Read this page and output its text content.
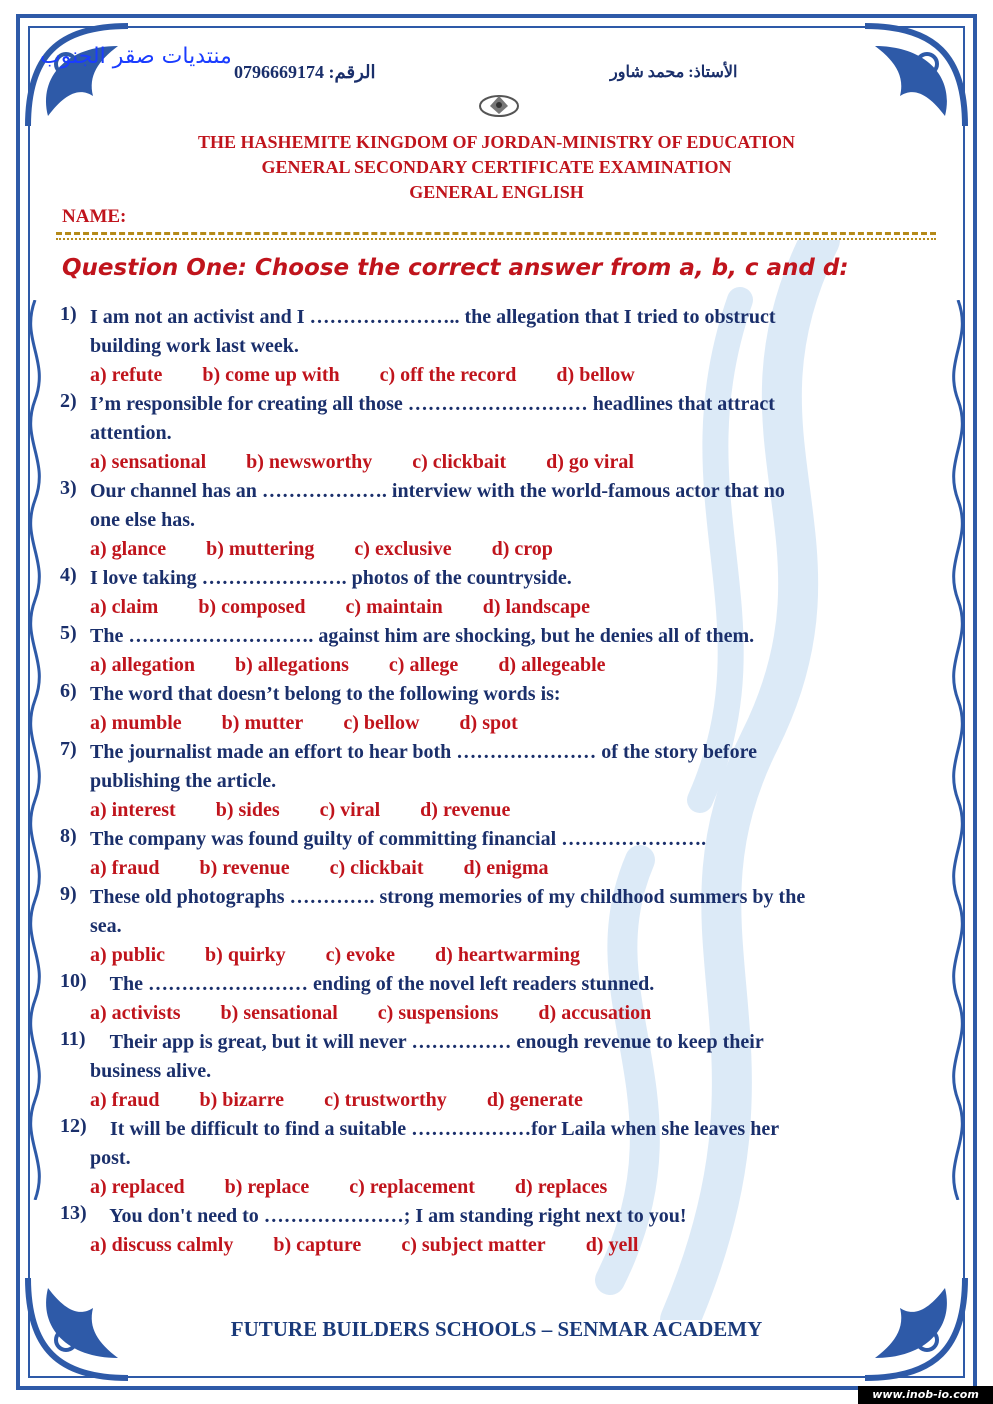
منتديات صقر الجنوب
الرقم: 0796669174	الأستاذ: محمد شاور
THE HASHEMITE KINGDOM OF JORDAN-MINISTRY OF EDUCATION
GENERAL SECONDARY CERTIFICATE EXAMINATION
GENERAL ENGLISH
NAME:
Question One: Choose the correct answer from a, b, c and d:
1) I am not an activist and I ………………….. the allegation that I tried to obstruct
building work last week.
a) refute b) come up with c) off the record d) bellow
2) I’m responsible for creating all those ……………………… headlines that attract
attention.
a) sensational b) newsworthy c) clickbait d) go viral
3) Our channel has an ………………. interview with the world-famous actor that no
one else has.
a) glance b) muttering c) exclusive d) crop
4) I love taking …………………. photos of the countryside.
a) claim b) composed c) maintain d) landscape
5) The ………………………. against him are shocking, but he denies all of them.
a) allegation b) allegations c) allege d) allegeable
6) The word that doesn’t belong to the following words is:
a) mumble b) mutter c) bellow d) spot
7) The journalist made an effort to hear both ………………… of the story before
publishing the article.
a) interest b) sides c) viral d) revenue
8) The company was found guilty of committing financial ………………….
a) fraud b) revenue c) clickbait d) enigma
9) These old photographs …………. strong memories of my childhood summers by the
sea.
a) public b) quirky c) evoke d) heartwarming
10) The …………………… ending of the novel left readers stunned.
a) activists b) sensational c) suspensions d) accusation
11) Their app is great, but it will never …………… enough revenue to keep their
business alive.
a) fraud b) bizarre c) trustworthy d) generate
12) It will be difficult to find a suitable ………………for Laila when she leaves her
post.
a) replaced b) replace c) replacement d) replaces
13) You don't need to …………………; I am standing right next to you!
a) discuss calmly b) capture c) subject matter d) yell
FUTURE BUILDERS SCHOOLS – SENMAR ACADEMY
www.inob-io.com
